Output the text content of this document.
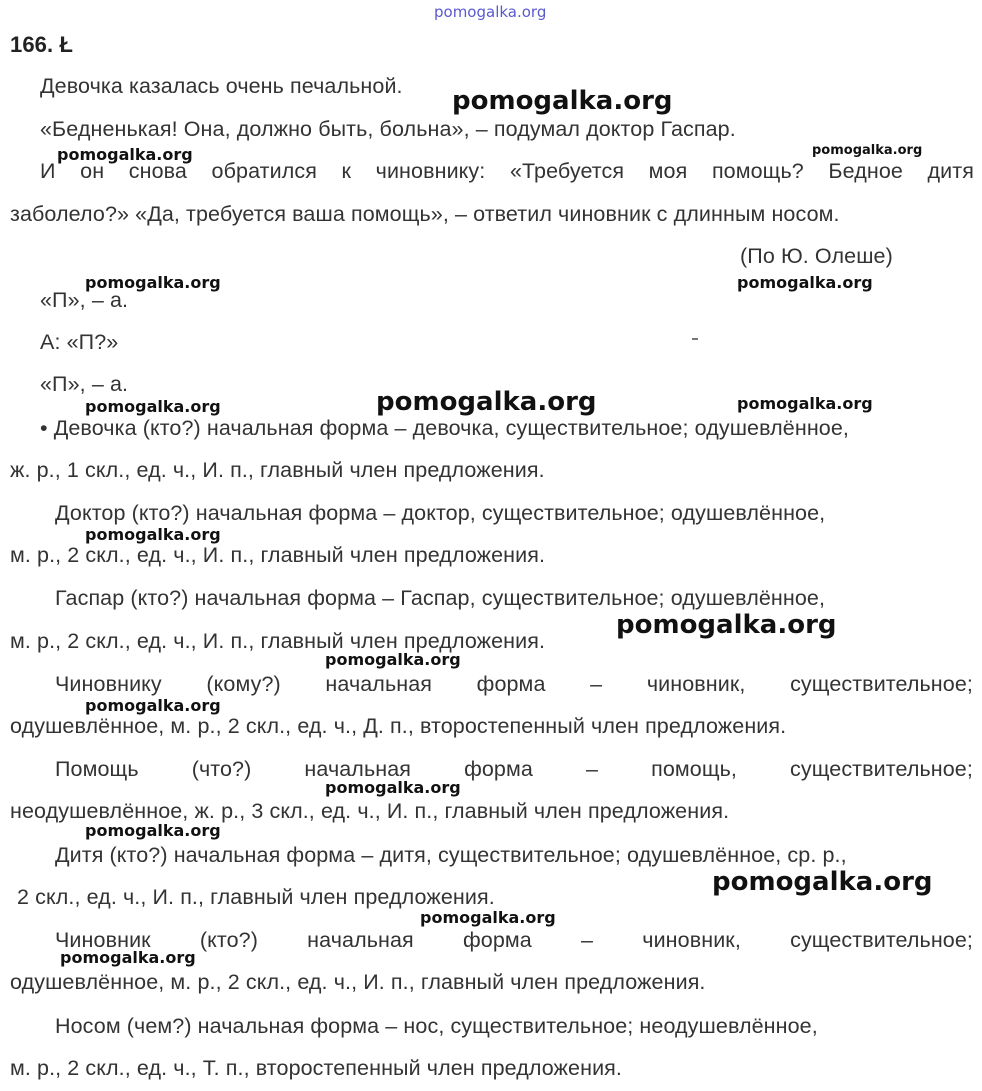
pomogalka.org
166. Ł
Девочка казалась очень печальной.
«Бедненькая! Она, должно быть, больна», – подумал доктор Гаспар.
И он снова обратился к чиновнику: «Требуется моя помощь? Бедное дитя
заболело?» «Да, требуется ваша помощь», – ответил чиновник с длинным носом.
(По Ю. Олеше)
«П», – а.
А: «П?»
«П», – а.
• Девочка (кто?) начальная форма – девочка, существительное; одушевлённое,
ж. р., 1 скл., ед. ч., И. п., главный член предложения.
Доктор (кто?) начальная форма – доктор, существительное; одушевлённое,
м. р., 2 скл., ед. ч., И. п., главный член предложения.
Гаспар (кто?) начальная форма – Гаспар, существительное; одушевлённое,
м. р., 2 скл., ед. ч., И. п., главный член предложения.
Чиновнику (кому?) начальная форма – чиновник, существительное;
одушевлённое, м. р., 2 скл., ед. ч., Д. п., второстепенный член предложения.
Помощь (что?) начальная форма – помощь, существительное;
неодушевлённое, ж. р., 3 скл., ед. ч., И. п., главный член предложения.
Дитя (кто?) начальная форма – дитя, существительное; одушевлённое, ср. р.,
2 скл., ед. ч., И. п., главный член предложения.
Чиновник (кто?) начальная форма – чиновник, существительное;
одушевлённое, м. р., 2 скл., ед. ч., И. п., главный член предложения.
Носом (чем?) начальная форма – нос, существительное; неодушевлённое,
м. р., 2 скл., ед. ч., Т. п., второстепенный член предложения.
pomogalka.org
pomogalka.org	pomogalka.org
pomogalka.org	pomogalka.org
pomogalka.org
pomogalka.org	pomogalka.org
pomogalka.org
pomogalka.org
pomogalka.org
pomogalka.org
pomogalka.org
pomogalka.org
pomogalka.org
pomogalka.org
pomogalka.org
